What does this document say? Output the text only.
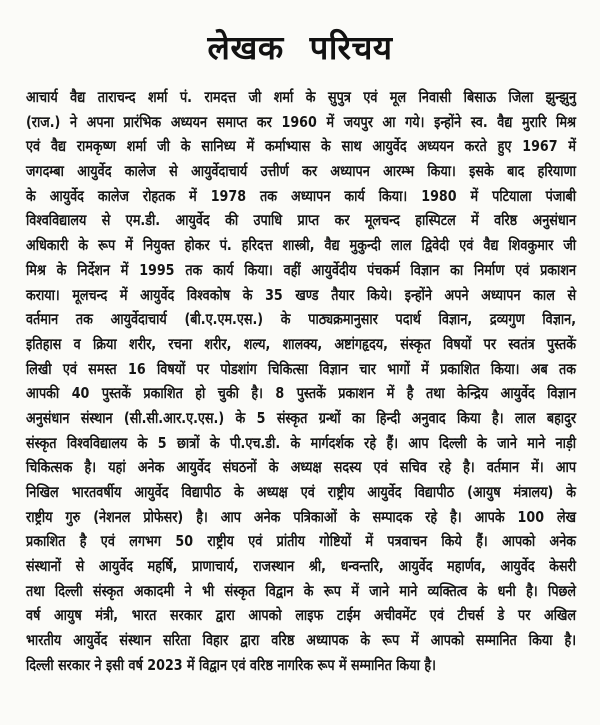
लेखक परिचय
आचार्य वैद्य ताराचन्द शर्मा पं. रामदत्त जी शर्मा के सुपुत्र एवं मूल निवासी बिसाऊ जिला झुन्झुनु
(राज.) ने अपना प्रारंभिक अध्ययन समाप्त कर 1960 में जयपुर आ गये। इन्होंने स्व. वैद्य मुरारि मिश्र
एवं वैद्य रामकृष्ण शर्मा जी के सानिध्य में कर्माभ्यास के साथ आयुर्वेद अध्ययन करते हुए 1967 में
जगदम्बा आयुर्वेद कालेज से आयुर्वेदाचार्य उत्तीर्ण कर अध्यापन आरम्भ किया। इसके बाद हरियाणा
के आयुर्वेद कालेज रोहतक में 1978 तक अध्यापन कार्य किया। 1980 में पटियाला पंजाबी
विश्वविद्यालय से एम.डी. आयुर्वेद की उपाधि प्राप्त कर मूलचन्द हास्पिटल में वरिष्ठ अनुसंधान
अधिकारी के रूप में नियुक्त होकर पं. हरिदत्त शास्त्री, वैद्य मुकुन्दी लाल द्विवेदी एवं वैद्य शिवकुमार जी
मिश्र के निर्देशन में 1995 तक कार्य किया। वहीं आयुर्वेदीय पंचकर्म विज्ञान का निर्माण एवं प्रकाशन
कराया। मूलचन्द में आयुर्वेद विश्वकोष के 35 खण्ड तैयार किये। इन्होंने अपने अध्यापन काल से
वर्तमान तक आयुर्वेदाचार्य (बी.ए.एम.एस.) के पाठ्यक्रमानुसार पदार्थ विज्ञान, द्रव्यगुण विज्ञान,
इतिहास व क्रिया शरीर, रचना शरीर, शल्य, शालक्य, अष्टांगहृदय, संस्कृत विषयों पर स्वतंत्र पुस्तकें
लिखी एवं समस्त 16 विषयों पर पोडशांग चिकित्सा विज्ञान चार भागों में प्रकाशित किया। अब तक
आपकी 40 पुस्तकें प्रकाशित हो चुकी है। 8 पुस्तकें प्रकाशन में है तथा केन्द्रिय आयुर्वेद विज्ञान
अनुसंधान संस्थान (सी.सी.आर.ए.एस.) के 5 संस्कृत ग्रन्थों का हिन्दी अनुवाद किया है। लाल बहादुर
संस्कृत विश्वविद्यालय के 5 छात्रों के पी.एच.डी. के मार्गदर्शक रहे हैं। आप दिल्ली के जाने माने नाड़ी
चिकित्सक है। यहां अनेक आयुर्वेद संघठनों के अध्यक्ष सदस्य एवं सचिव रहे है। वर्तमान में। आप
निखिल भारतवर्षीय आयुर्वेद विद्यापीठ के अध्यक्ष एवं राष्ट्रीय आयुर्वेद विद्यापीठ (आयुष मंत्रालय) के
राष्ट्रीय गुरु (नेशनल प्रोफेसर) है। आप अनेक पत्रिकाओं के सम्पादक रहे है। आपके 100 लेख
प्रकाशित है एवं लगभग 50 राष्ट्रीय एवं प्रांतीय गोष्टियों में पत्रवाचन किये हैं। आपको अनेक
संस्थानों से आयुर्वेद महर्षि, प्राणाचार्य, राजस्थान श्री, धन्वन्तरि, आयुर्वेद महार्णव, आयुर्वेद केसरी
तथा दिल्ली संस्कृत अकादमी ने भी संस्कृत विद्वान के रूप में जाने माने व्यक्तित्व के धनी है। पिछले
वर्ष आयुष मंत्री, भारत सरकार द्वारा आपको लाइफ टाईम अचीवमेंट एवं टीचर्स डे पर अखिल
भारतीय आयुर्वेद संस्थान सरिता विहार द्वारा वरिष्ठ अध्यापक के रूप में आपको सम्मानित किया है।
दिल्ली सरकार ने इसी वर्ष 2023 में विद्वान एवं वरिष्ठ नागरिक रूप में सम्मानित किया है।
